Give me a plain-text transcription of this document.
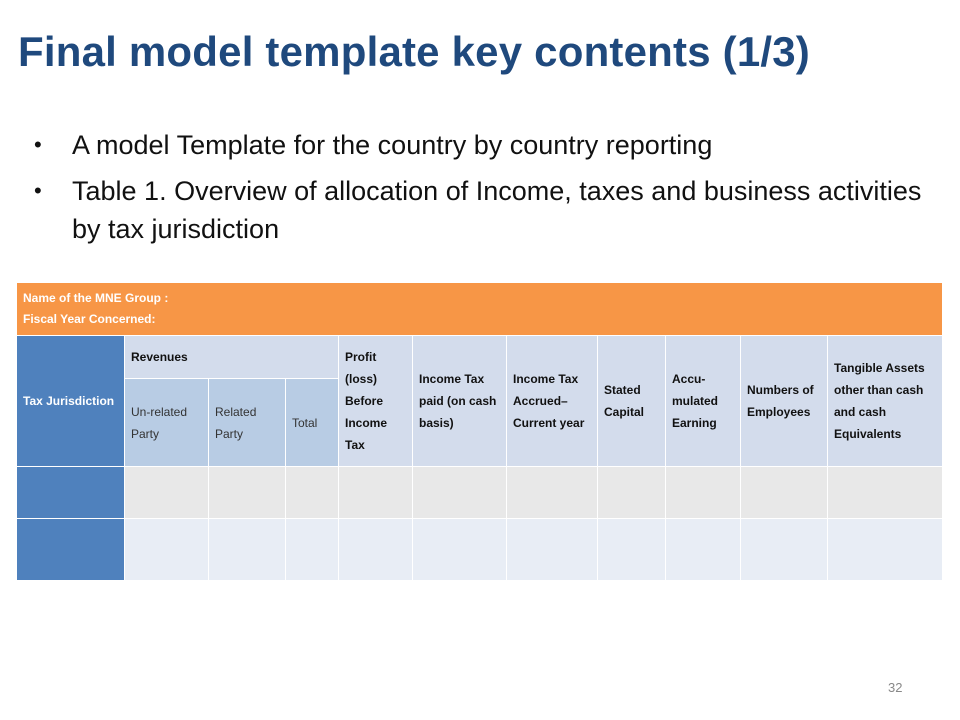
Final model template key contents (1/3)
• A model Template for the country by country reporting
• Table 1. Overview of allocation of Income, taxes and business activities by tax jurisdiction
Name of the MNE Group :
Fiscal Year Concerned:										

Tax Jurisdiction	Revenues			Profit (loss) Before Income Tax	Income Tax paid (on cash basis)	Income Tax Accrued– Current year	Stated Capital	Accu-mulated Earning	Numbers of Employees	Tangible Assets other than cash and cash Equivalents
	Un-related Party	Related Party	Total							

32
